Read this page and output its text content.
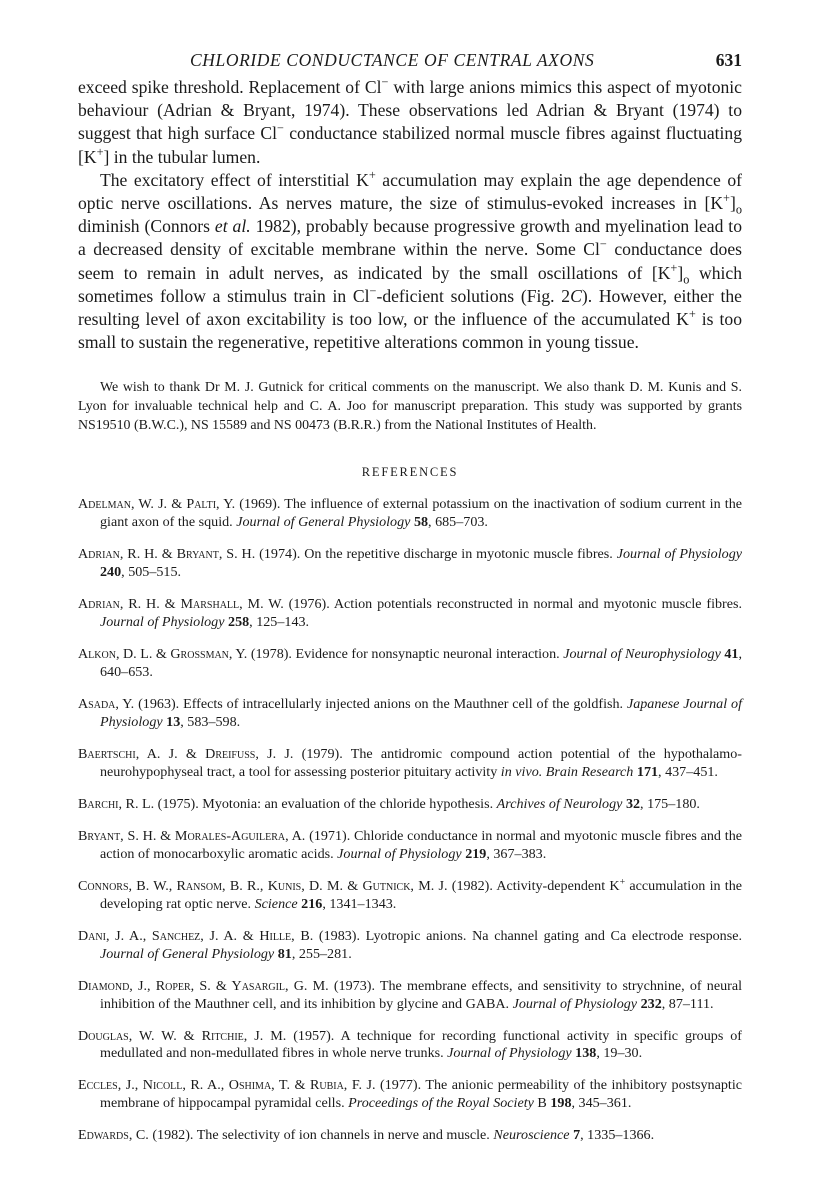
CHLORIDE CONDUCTANCE OF CENTRAL AXONS	631

exceed spike threshold. Replacement of Cl− with large anions mimics this aspect of myotonic behaviour (Adrian & Bryant, 1974). These observations led Adrian & Bryant (1974) to suggest that high surface Cl− conductance stabilized normal muscle fibres against fluctuating [K+] in the tubular lumen.

The excitatory effect of interstitial K+ accumulation may explain the age dependence of optic nerve oscillations. As nerves mature, the size of stimulus-evoked increases in $[K^+]_o$ diminish (Connors et al. 1982), probably because progressive growth and myelination lead to a decreased density of excitable membrane within the nerve. Some Cl− conductance does seem to remain in adult nerves, as indicated by the small oscillations of $[K^+]_o$ which sometimes follow a stimulus train in Cl−-deficient solutions (Fig. 2C). However, either the resulting level of axon excitability is too low, or the influence of the accumulated K+ is too small to sustain the regenerative, repetitive alterations common in young tissue.

We wish to thank Dr M. J. Gutnick for critical comments on the manuscript. We also thank D. M. Kunis and S. Lyon for invaluable technical help and C. A. Joo for manuscript preparation. This study was supported by grants NS19510 (B.W.C.), NS 15589 and NS 00473 (B.R.R.) from the National Institutes of Health.

REFERENCES

Adelman, W. J. & Palti, Y. (1969). The influence of external potassium on the inactivation of sodium current in the giant axon of the squid. Journal of General Physiology 58, 685–703.

Adrian, R. H. & Bryant, S. H. (1974). On the repetitive discharge in myotonic muscle fibres. Journal of Physiology 240, 505–515.

Adrian, R. H. & Marshall, M. W. (1976). Action potentials reconstructed in normal and myotonic muscle fibres. Journal of Physiology 258, 125–143.

Alkon, D. L. & Grossman, Y. (1978). Evidence for nonsynaptic neuronal interaction. Journal of Neurophysiology 41, 640–653.

Asada, Y. (1963). Effects of intracellularly injected anions on the Mauthner cell of the goldfish. Japanese Journal of Physiology 13, 583–598.

Baertschi, A. J. & Dreifuss, J. J. (1979). The antidromic compound action potential of the hypothalamo-neurohypophyseal tract, a tool for assessing posterior pituitary activity in vivo. Brain Research 171, 437–451.

Barchi, R. L. (1975). Myotonia: an evaluation of the chloride hypothesis. Archives of Neurology 32, 175–180.

Bryant, S. H. & Morales-Aguilera, A. (1971). Chloride conductance in normal and myotonic muscle fibres and the action of monocarboxylic aromatic acids. Journal of Physiology 219, 367–383.

Connors, B. W., Ransom, B. R., Kunis, D. M. & Gutnick, M. J. (1982). Activity-dependent K+ accumulation in the developing rat optic nerve. Science 216, 1341–1343.

Dani, J. A., Sanchez, J. A. & Hille, B. (1983). Lyotropic anions. Na channel gating and Ca electrode response. Journal of General Physiology 81, 255–281.

Diamond, J., Roper, S. & Yasargil, G. M. (1973). The membrane effects, and sensitivity to strychnine, of neural inhibition of the Mauthner cell, and its inhibition by glycine and GABA. Journal of Physiology 232, 87–111.

Douglas, W. W. & Ritchie, J. M. (1957). A technique for recording functional activity in specific groups of medullated and non-medullated fibres in whole nerve trunks. Journal of Physiology 138, 19–30.

Eccles, J., Nicoll, R. A., Oshima, T. & Rubia, F. J. (1977). The anionic permeability of the inhibitory postsynaptic membrane of hippocampal pyramidal cells. Proceedings of the Royal Society B 198, 345–361.

Edwards, C. (1982). The selectivity of ion channels in nerve and muscle. Neuroscience 7, 1335–1366.
